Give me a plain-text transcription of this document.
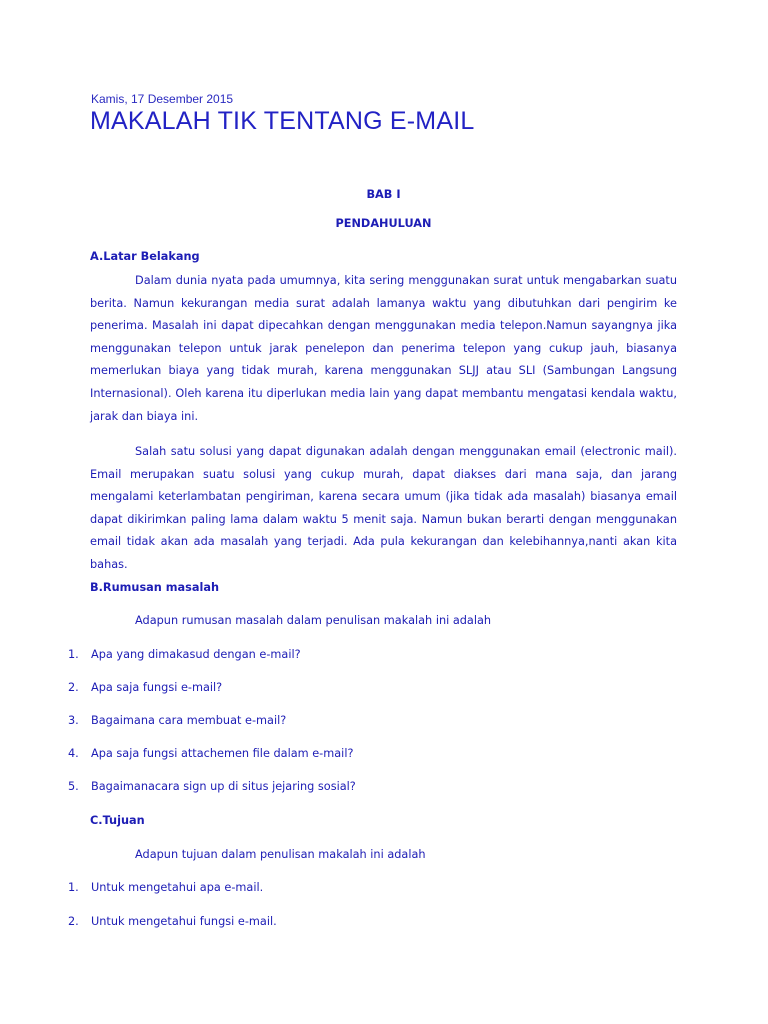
Kamis, 17 Desember 2015
MAKALAH TIK TENTANG E-MAIL
BAB I
PENDAHULUAN
A.Latar Belakang

Dalam dunia nyata pada umumnya, kita sering menggunakan surat untuk mengabarkan suatu berita. Namun kekurangan media surat adalah lamanya waktu yang dibutuhkan dari pengirim ke penerima. Masalah ini dapat dipecahkan dengan menggunakan media telepon.Namun sayangnya jika menggunakan telepon untuk jarak penelepon dan penerima telepon yang cukup jauh, biasanya memerlukan biaya yang tidak murah, karena menggunakan SLJJ atau SLI (Sambungan Langsung Internasional). Oleh karena itu diperlukan media lain yang dapat membantu mengatasi kendala waktu, jarak dan biaya ini.

Salah satu solusi yang dapat digunakan adalah dengan menggunakan email (electronic mail). Email merupakan suatu solusi yang cukup murah, dapat diakses dari mana saja, dan jarang mengalami keterlambatan pengiriman, karena secara umum (jika tidak ada masalah) biasanya email dapat dikirimkan paling lama dalam waktu 5 menit saja. Namun bukan berarti dengan menggunakan email tidak akan ada masalah yang terjadi. Ada pula kekurangan dan kelebihannya,nanti akan kita bahas.

B.Rumusan masalah
Adapun rumusan masalah dalam penulisan makalah ini adalah
1. Apa yang dimakasud dengan e-mail?
2. Apa saja fungsi e-mail?
3. Bagaimana cara membuat e-mail?
4. Apa saja fungsi attachemen file dalam e-mail?
5. Bagaimanacara sign up di situs jejaring sosial?
C.Tujuan
Adapun tujuan dalam penulisan makalah ini adalah
1. Untuk mengetahui apa e-mail.
2. Untuk mengetahui fungsi e-mail.
